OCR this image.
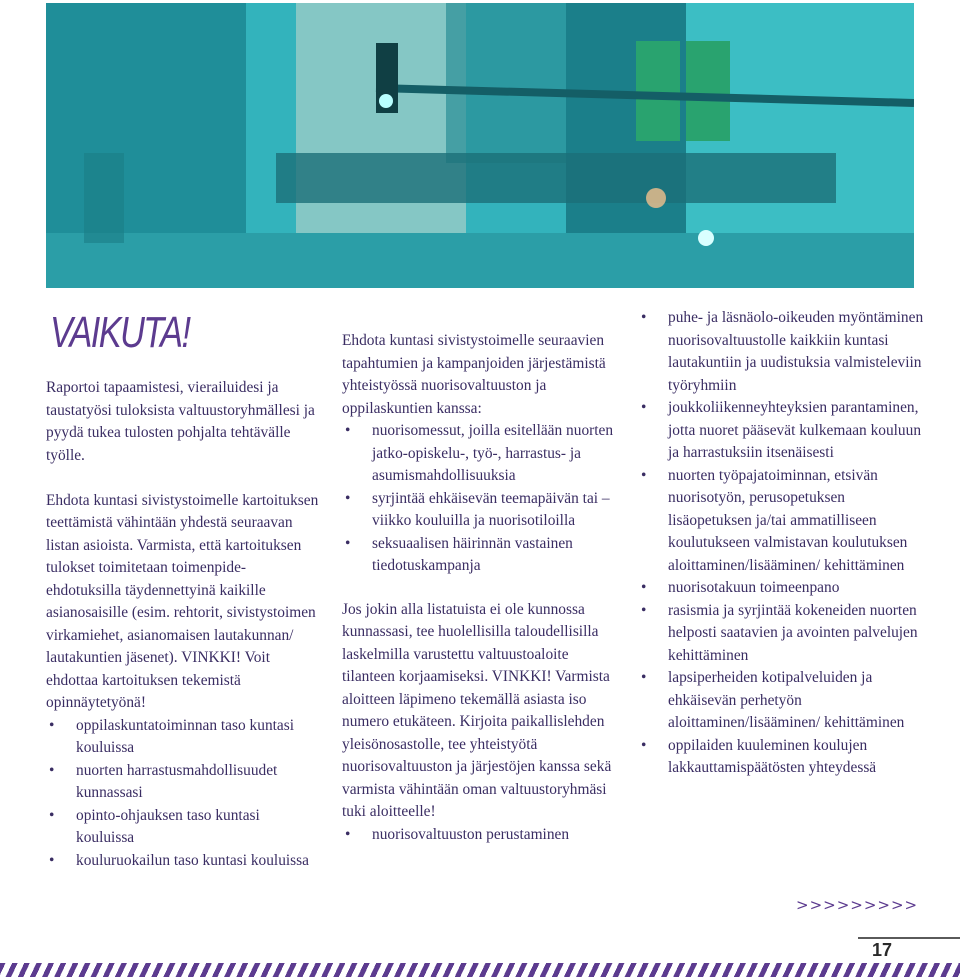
VAIKUTA!

Raportoi tapaamistesi, vierailuidesi ja taustatyösi tuloksista valtuustoryhmällesi ja pyydä tukea tulosten pohjalta tehtävälle työlle.

Ehdota kuntasi sivistystoimelle kartoituksen teettämistä vähintään yhdestä seuraavan listan asioista. Varmista, että kartoituksen tulokset toimitetaan toimenpide-ehdotuksilla täydennettyinä kaikille asianosaisille (esim. rehtorit, sivistystoimen virkamiehet, asianomaisen lautakunnan/ lautakuntien jäsenet). VINKKI! Voit ehdottaa kartoituksen tekemistä opinnäytetyönä!

• oppilaskuntatoiminnan taso kuntasi kouluissa
• nuorten harrastusmahdollisuudet kunnassasi
• opinto-ohjauksen taso kuntasi kouluissa
• kouluruokailun taso kuntasi kouluissa

Ehdota kuntasi sivistystoimelle seuraavien tapahtumien ja kampanjoiden järjestämistä yhteistyössä nuorisovaltuuston ja oppilaskuntien kanssa:

• nuorisomessut, joilla esitellään nuorten jatko-opiskelu-, työ-, harrastus- ja asumismahdollisuuksia
• syrjintää ehkäisevän teemapäivän tai –viikko kouluilla ja nuorisotiloilla
• seksuaalisen häirinnän vastainen tiedotuskampanja

Jos jokin alla listatuista ei ole kunnossa kunnassasi, tee huolellisilla taloudellisilla laskelmilla varustettu valtuustoaloite tilanteen korjaamiseksi. VINKKI! Varmista aloitteen läpimeno tekemällä asiasta iso numero etukäteen. Kirjoita paikallislehden yleisönosastolle, tee yhteistyötä nuorisovaltuuston ja järjestöjen kanssa sekä varmista vähintään oman valtuustoryhmäsi tuki aloitteelle!

• nuorisovaltuuston perustaminen
• puhe- ja läsnäolo-oikeuden myöntäminen nuorisovaltuustolle kaikkiin kuntasi lautakuntiin ja uudistuksia valmisteleviin työryhmiin
• joukkoliikenneyhteyksien parantaminen, jotta nuoret pääsevät kulkemaan kouluun ja harrastuksiin itsenäisesti
• nuorten työpajatoiminnan, etsivän nuorisotyön, perusopetuksen lisäopetuksen ja/tai ammatilliseen koulutukseen valmistavan koulutuksen aloittaminen/lisääminen/ kehittäminen
• nuorisotakuun toimeenpano
• rasismia ja syrjintää kokeneiden nuorten helposti saatavien ja avointen palvelujen kehittäminen
• lapsiperheiden kotipalveluiden ja ehkäisevän perhetyön aloittaminen/lisääminen/ kehittäminen
• oppilaiden kuuleminen koulujen lakkauttamispäätösten yhteydessä
>>>>>>>>>
17
